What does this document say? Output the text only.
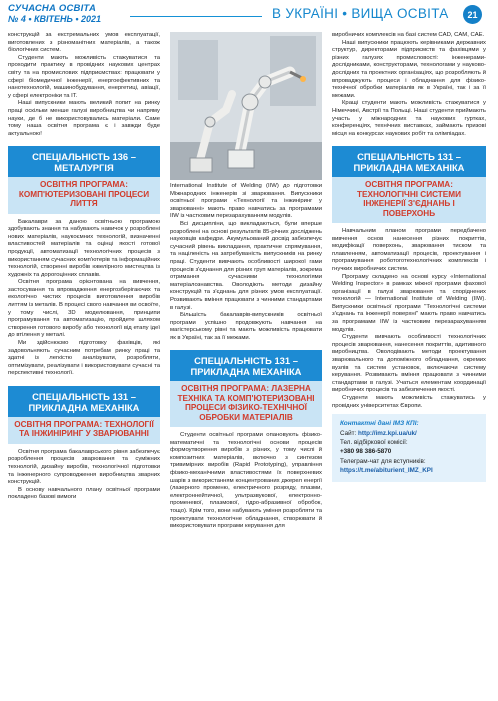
СУЧАСНА ОСВІТА
№ 4 • КВІТЕНЬ • 2021	В УКРАЇНІ • ВИЩА ОСВІТА	21

конструкцій за екстремальних умов експлуатації, виготовлених з різноманітних матеріалів, а також біологічних систем.

Студенти мають можливість стажуватися та проходити практику в провідних наукових центрах світу та на промислових підприємствах: працювати у сфері біомедичної інженерії, енергоефективних та нанотехнологій, машинобудування, енергетиці, авіації, у сфері електроніки та IT.

Наші випускники мають великий попит на ринку праці оскільки менше галузі виробництва чи напряму науки, де б не використовувались матеріали. Саме тому наша освітня програма є і завжди буде актуальною!

СПЕЦІАЛЬНІСТЬ 136 – МЕТАЛУРГІЯ
ОСВІТНЯ ПРОГРАМА: КОМП'ЮТЕРИЗОВАНІ ПРОЦЕСИ ЛИТТЯ

Бакалаври за даною освітньою програмою здобувають знання та набувають навичок у розроблені нових матеріалів, наукоємних технологій, визначенні властивостей матеріалів та оцінці якості готової продукції, автоматизації технологічних процесів з використанням сучасних комп'ютерів та інформаційних технологій, створенні виробів ювелірного мистецтва із художніх та дорогоцінних сплавів.

Освітня програма орієнтована на вивчення, застосування та впровадження енергозберігаючих та екологічно чистих процесів виготовлення виробів литтям із металів. В процесі свого навчання ви освоїте, у тому числі, 3D моделювання, принципи програмування та автоматизацію, пройдете шляхом створення готового виробу або технології від етапу ідеї до втілення у металі.

Ми здійснюємо підготовку фахівців, які задовольняють сучасним потребам ринку праці та здатні із легкістю аналізувати, розробляти, оптимізувати, реалізувати і використовувати сучасні та перспективні технології.

СПЕЦІАЛЬНІСТЬ 131 – ПРИКЛАДНА МЕХАНІКА
ОСВІТНЯ ПРОГРАМА: ТЕХНОЛОГІЇ ТА ІНЖИНІРИНГ У ЗВАРЮВАННІ

Освітня програма бакалаврського рівня забезпечує розроблення процесів зварювання та суміжних технологій, дизайну виробів, технологічної підготовки та інженерного супроводження виробництва зварних конструкцій.

В основу навчального плану освітньої програми покладено базові вимоги

International Institute of Welding (IIW) до підготовки Міжнародних інженерів зі зварювання. Випускники освітньої програми «Технології та інжиніринг у зварюванні» мають право навчатись за програмами IIW із частковим перезарахуванням модулів.

Всі дисципліни, що викладаються, були вперше розроблені на основі результатів 85-річних досліджень науковців кафедри. Акумульований досвід забезпечує сучасний рівень викладання, практичне спрямування, та націленість на затребуваність випускників на ринку праці. Студенти вивчають особливості широкої гами процесів з'єднання для різних груп матеріалів, зокрема отримання сучасними технологіями матеріалознавства. Оволодіють методи дизайну конструкцій та з'єднань для різних умов експлуатації. Розвивають вміння працювати з чинними стандартами в галузі.

Більшість бакалаврів-випускників освітньої програми успішно продовжують навчання на магістерському рівні та мають можливість працювати як в Україні, так за її межами.

СПЕЦІАЛЬНІСТЬ 131 – ПРИКЛАДНА МЕХАНІКА
ОСВІТНЯ ПРОГРАМА: ЛАЗЕРНА ТЕХНІКА ТА КОМП'ЮТЕРИЗОВАНІ ПРОЦЕСИ ФІЗИКО-ТЕХНІЧНОЇ ОБРОБКИ МАТЕРІАЛІВ

Студенти освітньої програми опановують фізико-математичні та технологічні основи процесів формоутворення виробів з різних, у тому числі й композитних матеріалів, включно з синтезом тривимірних виробів (Rapid Prototyping), управління фізико-механічними властивостями їх поверхневих шарів з використанням концентрованих джерел енергії (лазерного променю, електричного розряду, плазми, електроннейтичної, ультразвукової, електронно-променевої, плазмової, гідро-абразивної обробок, тощо). Крім того, вони набувають уміння розробляти та проектувати технологічне обладнання, створювати й використовувати програми керування для

виробничих комплексів на базі систем CAD, CAM, CAE.

Наші випускники працюють керівниками державних структур, директорами підприємств та фахівцями у різних галузях промисловості: інженерами-дослідниками, конструкторами, технологами у науково-дослідних та проектних організаціях, що розробляють й впроваджують процеси і обладнання для фізико-технічної обробки матеріалів як в Україні, так і за її межами.

Кращі студенти мають можливість стажуватися у Німеччині, Австрії та Польщі. Наші студенти приймають участь у міжнародних та наукових гуртках, конференціях, технічних виставках, займають призові місця на конкурсах наукових робіт та олімпіадах.

СПЕЦІАЛЬНІСТЬ 131 – ПРИКЛАДНА МЕХАНІКА
ОСВІТНЯ ПРОГРАМА: ТЕХНОЛОГІЧНІ СИСТЕМИ ІНЖЕНЕРІЇ З'ЄДНАНЬ І ПОВЕРХОНЬ

Навчальним планом програми передбачено вивчення основ нанесення різних покриттів, модифікації поверхонь, зварювання тиском та плавленням, автоматизації процесів, проектування і програмування роботоготехнологічних комплексів і гнучких виробничих систем.

Програму складено на основі курсу «International Welding Inspector» в рамках міжної програми фахової організації в галузі зварювання та споріднених технологій — International Institute of Welding (IIW). Випускники освітньої програми "Технологічні системи з'єднань та інженерії поверхні" мають право навчатись за програмами IIW із частковим перезарахуванням модулів.

Студенти вивчають особливості технологічних процесів зварювання, нанесення покриттів, адитивного виробництва. Оволодівають методи проектування зварювального та допоміжного обладнання, окремих вузлів та систем установок, включаючи систему керування. Розвивають вміння працювати з чинними стандартами в галузі. Учаться елементам координації виробничих процесів та забезпечення якості.

Студенти мають можливість стажуватись у провідних університетах Європи.

Контактні дані ІМЗ КПІ:
Сайт: http://imz.kpi.ua/uk/
Тел. відбіркової комісії:
+380 98 386-5870
Телеграм-чат для вступників:
https://t.me/abiturient_IMZ_KPI
